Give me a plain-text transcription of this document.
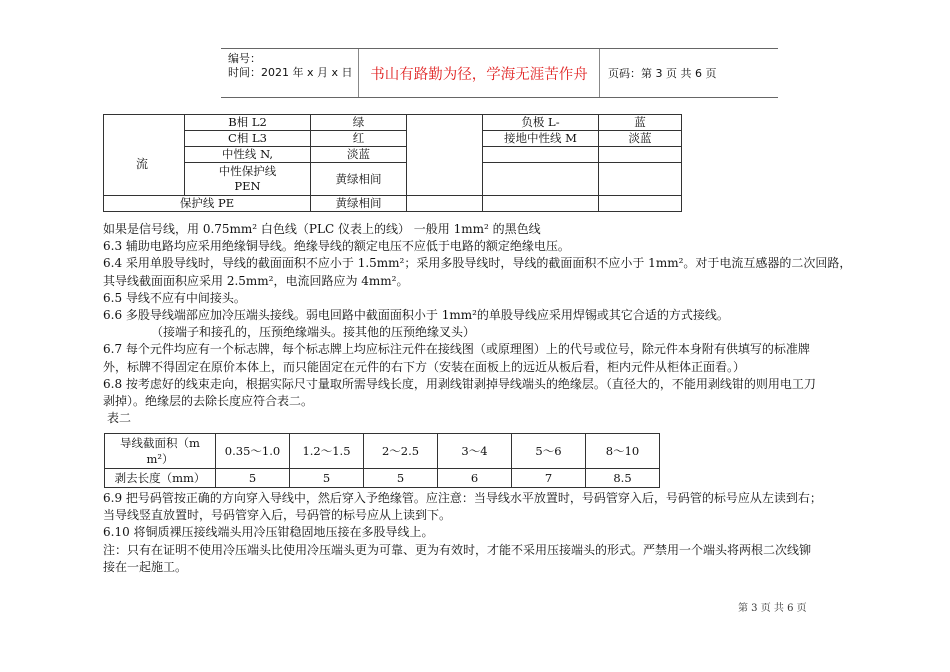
编号：
时间：2021 年 x 月 x 日	书山有路勤为径，学海无涯苦作舟	页码：第 3 页 共 6 页
	B相 L2	绿		负极 L-	蓝
	C相 L3	红		接地中性线 M	淡蓝
	中性线 N,	淡蓝			

	中性保护线
PEN	黄绿相间			
保护线 PE		黄绿相间			
流

如果是信号线，用 0.75mm² 白色线（PLC 仪表上的线） 一般用 1mm² 的黑色线

6.3 辅助电路均应采用绝缘铜导线。绝缘导线的额定电压不应低于电路的额定绝缘电压。

6.4 采用单股导线时，导线的截面面积不应小于 1.5mm²；采用多股导线时，导线的截面面积不应小于 1mm²。对于电流互感器的二次回路，

其导线截面面积应采用 2.5mm²，电流回路应为 4mm²。

6.5 导线不应有中间接头。

6.6 多股导线端部应加冷压端头接线。弱电回路中截面面积小于 1mm²的单股导线应采用焊锡或其它合适的方式接线。

（接端子和接孔的，压预绝缘端头。接其他的压预绝缘叉头）

6.7 每个元件均应有一个标志牌，每个标志牌上均应标注元件在接线图（或原理图）上的代号或位号，除元件本身附有供填写的标准牌

外，标牌不得固定在原价本体上，而只能固定在元件的右下方（安装在面板上的远近从板后看，柜内元件从柜体正面看。）

6.8 按考虑好的线束走向，根据实际尺寸量取所需导线长度，用剥线钳剥掉导线端头的绝缘层。（直径大的，不能用剥线钳的则用电工刀

剥掉）。绝缘层的去除长度应符合表二。

表二

导线截面积（m
m²）	0.35～1.0	1.2～1.5	2～2.5	3～4	5～6	8～10
剥去长度（mm）	5	5	5	6	7	8.5

6.9 把号码管按正确的方向穿入导线中，然后穿入予绝缘管。应注意：当导线水平放置时，号码管穿入后，号码管的标号应从左读到右；

当导线竖直放置时，号码管穿入后，号码管的标号应从上读到下。

6.10 将铜质裸压接线端头用冷压钳稳固地压接在多股导线上。

注：只有在证明不使用冷压端头比使用冷压端头更为可靠、更为有效时，才能不采用压接端头的形式。严禁用一个端头将两根二次线铆

接在一起施工。

第 3 页 共 6 页
